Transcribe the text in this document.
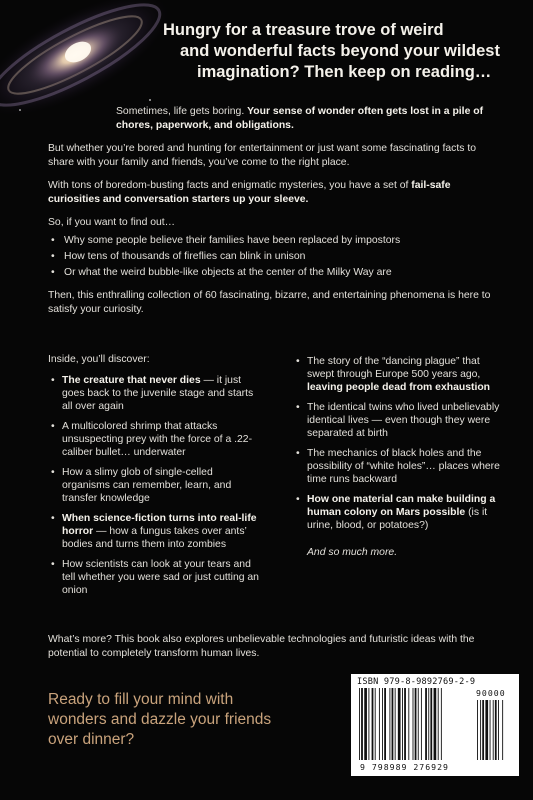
Hungry for a treasure trove of weird
and wonderful facts beyond your wildest
imagination? Then keep on reading…

Sometimes, life gets boring. Your sense of wonder often gets lost in a pile of chores, paperwork, and obligations.

But whether you’re bored and hunting for entertainment or just want some fascinating facts to share with your family and friends, you’ve come to the right place.

With tons of boredom-busting facts and enigmatic mysteries, you have a set of fail-safe curiosities and conversation starters up your sleeve.

So, if you want to find out…

• Why some people believe their families have been replaced by impostors
• How tens of thousands of fireflies can blink in unison
• Or what the weird bubble-like objects at the center of the Milky Way are

Then, this enthralling collection of 60 fascinating, bizarre, and entertaining phenomena is here to satisfy your curiosity.

Inside, you’ll discover:

• The creature that never dies — it just goes back to the juvenile stage and starts all over again
• A multicolored shrimp that attacks unsuspecting prey with the force of a .22-caliber bullet… underwater
• How a slimy glob of single-celled organisms can remember, learn, and transfer knowledge
• When science-fiction turns into real-life horror — how a fungus takes over ants’ bodies and turns them into zombies
• How scientists can look at your tears and tell whether you were sad or just cutting an onion
• The story of the “dancing plague” that swept through Europe 500 years ago, leaving people dead from exhaustion
• The identical twins who lived unbelievably identical lives — even though they were separated at birth
• The mechanics of black holes and the possibility of “white holes”… places where time runs backward
• How one material can make building a human colony on Mars possible (is it urine, blood, or potatoes?)
And so much more.

What’s more? This book also explores unbelievable technologies and futuristic ideas with the potential to completely transform human lives.

Ready to fill your mind with wonders and dazzle your friends over dinner?

ISBN 979-8-9892769-2-9
9 798989 276929
90000
